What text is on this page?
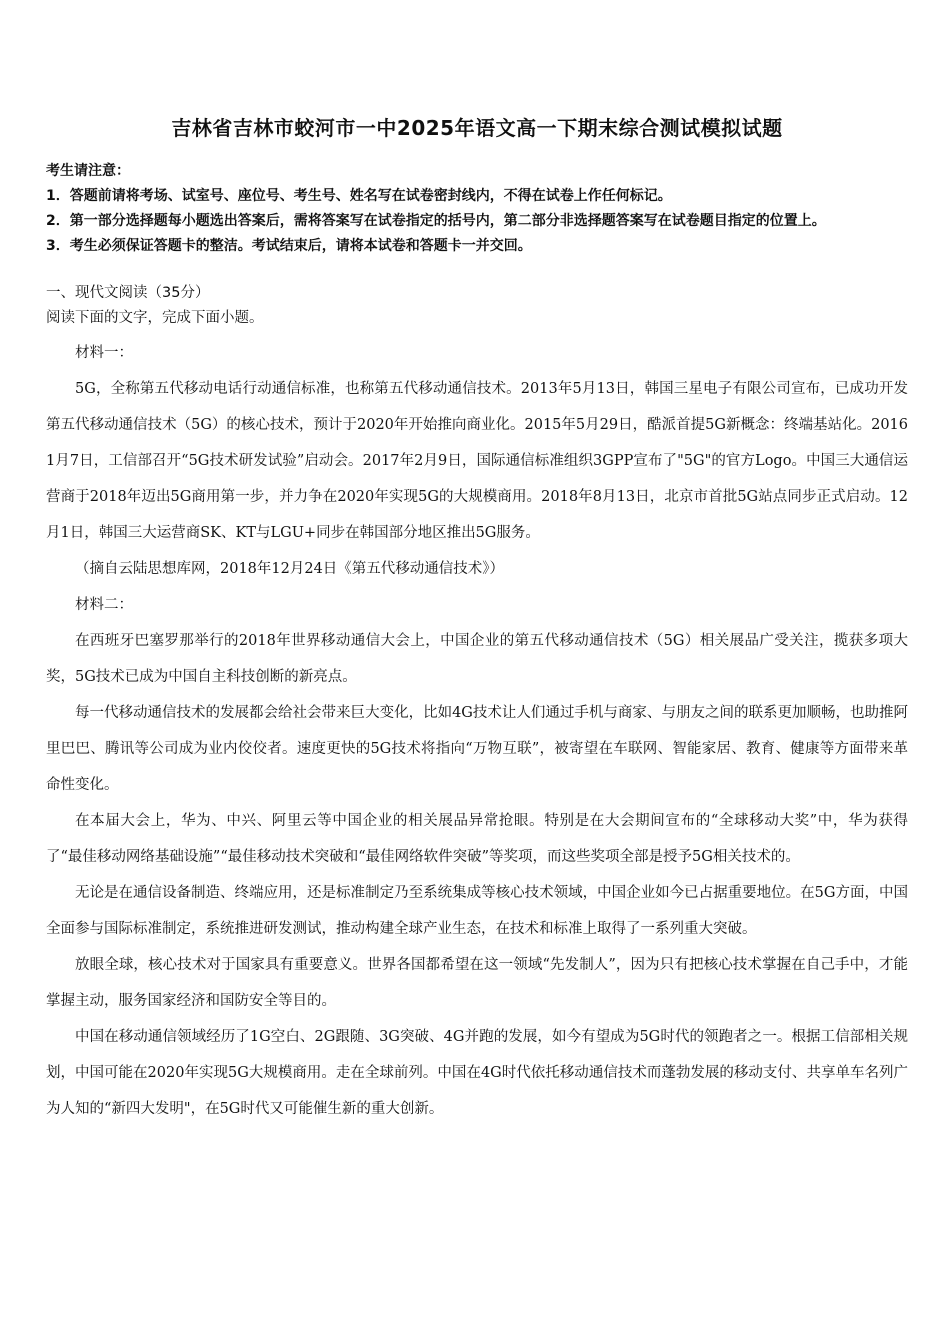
吉林省吉林市蛟河市一中2025年语文高一下期末综合测试模拟试题

考生请注意：

1．答题前请将考场、试室号、座位号、考生号、姓名写在试卷密封线内，不得在试卷上作任何标记。

2．第一部分选择题每小题选出答案后，需将答案写在试卷指定的括号内，第二部分非选择题答案写在试卷题目指定的位置上。

3．考生必须保证答题卡的整洁。考试结束后，请将本试卷和答题卡一并交回。

一、现代文阅读（35分）

阅读下面的文字，完成下面小题。

材料一：

5G，全称第五代移动电话行动通信标准，也称第五代移动通信技术。2013年5月13日，韩国三星电子有限公司宣布，已成功开发第五代移动通信技术（5G）的核心技术，预计于2020年开始推向商业化。2015年5月29日，酷派首提5G新概念：终端基站化。2016 1月7日，工信部召开“5G技术研发试验”启动会。2017年2月9日，国际通信标准组织3GPP宣布了"5G"的官方Logo。中国三大通信运营商于2018年迈出5G商用第一步，并力争在2020年实现5G的大规模商用。2018年8月13日，北京市首批5G站点同步正式启动。12月1日，韩国三大运营商SK、KT与LGU+同步在韩国部分地区推出5G服务。

（摘自云陆思想库网，2018年12月24日《第五代移动通信技术》）

材料二：

在西班牙巴塞罗那举行的2018年世界移动通信大会上，中国企业的第五代移动通信技术（5G）相关展品广受关注，揽获多项大奖，5G技术已成为中国自主科技创断的新亮点。

每一代移动通信技术的发展都会给社会带来巨大变化，比如4G技术让人们通过手机与商家、与朋友之间的联系更加顺畅，也助推阿里巴巴、腾讯等公司成为业内佼佼者。速度更快的5G技术将指向“万物互联”，被寄望在车联网、智能家居、教育、健康等方面带来革命性变化。

在本届大会上，华为、中兴、阿里云等中国企业的相关展品异常抢眼。特别是在大会期间宣布的“全球移动大奖”中，华为获得了“最佳移动网络基础设施”“最佳移动技术突破和“最佳网络软件突破”等奖项，而这些奖项全部是授予5G相关技术的。

无论是在通信设备制造、终端应用，还是标准制定乃至系统集成等核心技术领域，中国企业如今已占据重要地位。在5G方面，中国全面参与国际标准制定，系统推进研发测试，推动构建全球产业生态，在技术和标准上取得了一系列重大突破。

放眼全球，核心技术对于国家具有重要意义。世界各国都希望在这一领域“先发制人”，因为只有把核心技术掌握在自己手中，才能掌握主动，服务国家经济和国防安全等目的。

中国在移动通信领域经历了1G空白、2G跟随、3G突破、4G并跑的发展，如今有望成为5G时代的领跑者之一。根据工信部相关规划，中国可能在2020年实现5G大规模商用。走在全球前列。中国在4G时代依托移动通信技术而蓬勃发展的移动支付、共享单车名列广为人知的“新四大发明"，在5G时代又可能催生新的重大创新。
